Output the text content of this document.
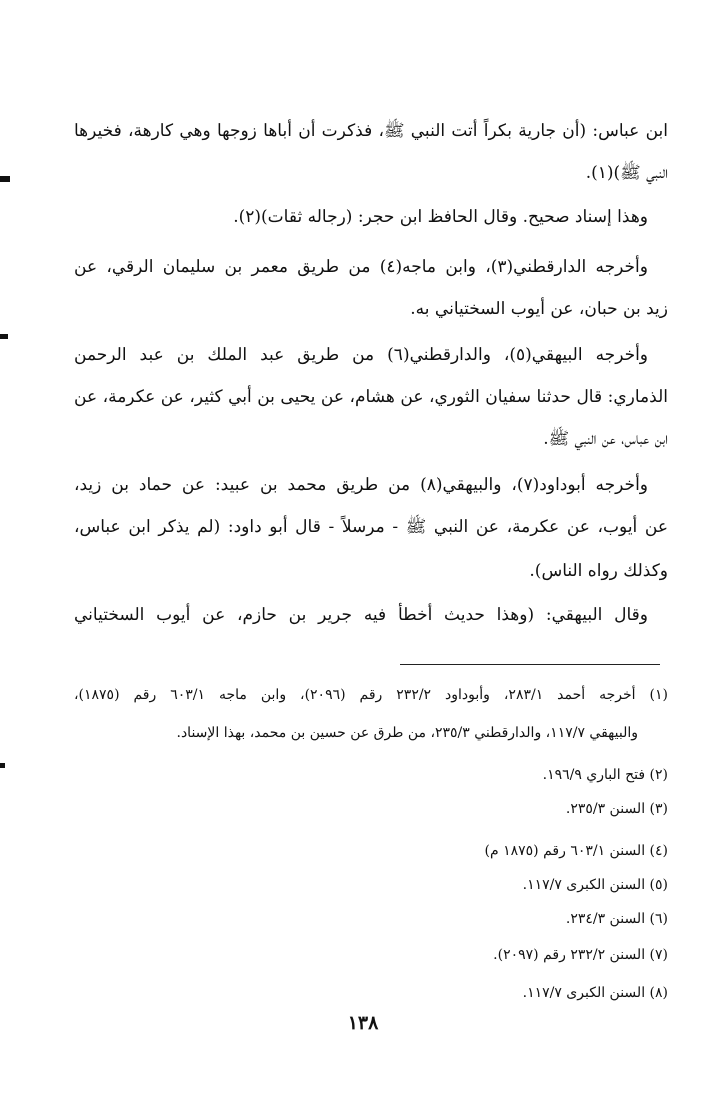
ابن عباس: (أن جارية بكراً أتت النبي ﷺ، فذكرت أن أباها زوجها وهي كارهة، فخيرها
النبي ﷺ)(١).
وهذا إسناد صحيح. وقال الحافظ ابن حجر: (رجاله ثقات)(٢).
وأخرجه الدارقطني(٣)، وابن ماجه(٤) من طريق معمر بن سليمان الرقي، عن
زيد بن حبان، عن أيوب السختياني به.
وأخرجه البيهقي(٥)، والدارقطني(٦) من طريق عبد الملك بن عبد الرحمن
الذماري: قال حدثنا سفيان الثوري، عن هشام، عن يحيى بن أبي كثير، عن عكرمة، عن
ابن عباس، عن النبي ﷺ.
وأخرجه أبوداود(٧)، والبيهقي(٨) من طريق محمد بن عبيد: عن حماد بن زيد،
عن أيوب، عن عكرمة، عن النبي ﷺ - مرسلاً - قال أبو داود: (لم يذكر ابن عباس،
وكذلك رواه الناس).
وقال البيهقي: (وهذا حديث أخطأ فيه جرير بن حازم، عن أيوب السختياني
(١) أخرجه أحمد ٢٨٣/١، وأبوداود ٢٣٢/٢ رقم (٢٠٩٦)، وابن ماجه ٦٠٣/١ رقم (١٨٧٥)،
والبيهقي ١١٧/٧، والدارقطني ٢٣٥/٣، من طرق عن حسين بن محمد، بهذا الإسناد.
(٢) فتح الباري ١٩٦/٩.
(٣) السنن ٢٣٥/٣.
(٤) السنن ٦٠٣/١ رقم (١٨٧٥ م)
(٥) السنن الكبرى ١١٧/٧.
(٦) السنن ٢٣٤/٣.
(٧) السنن ٢٣٢/٢ رقم (٢٠٩٧).
(٨) السنن الكبرى ١١٧/٧.
١٣٨
